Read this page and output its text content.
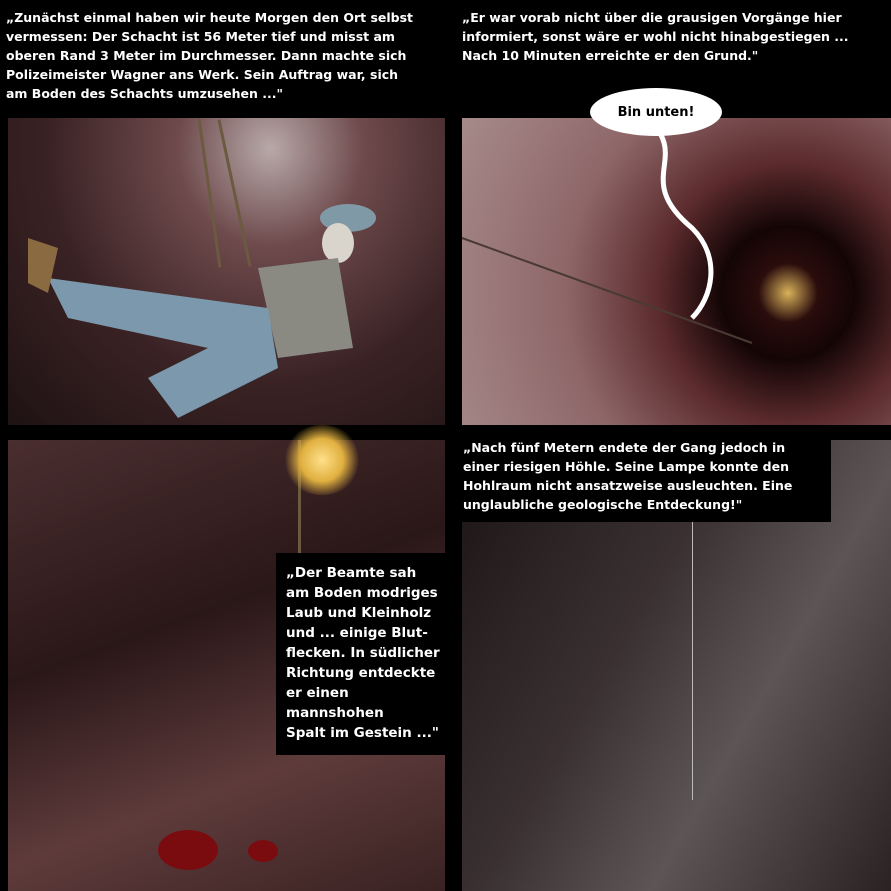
„Zunächst einmal haben wir heute Morgen den Ort selbst
vermessen: Der Schacht ist 56 Meter tief und misst am
oberen Rand 3 Meter im Durchmesser. Dann machte sich
Polizeimeister Wagner ans Werk. Sein Auftrag war, sich
am Boden des Schachts umzusehen ..."
„Er war vorab nicht über die grausigen Vorgänge hier
informiert, sonst wäre er wohl nicht hinabgestiegen ...
Nach 10 Minuten erreichte er den Grund."
„Nach fünf Metern endete der Gang jedoch in
einer riesigen Höhle. Seine Lampe konnte den
Hohlraum nicht ansatzweise ausleuchten. Eine
unglaubliche geologische Entdeckung!"
„Der Beamte sah
am Boden modriges
Laub und Kleinholz
und ... einige Blut-
flecken. In südlicher
Richtung entdeckte
er einen mannshohen
Spalt im Gestein ..."
Bin unten!
